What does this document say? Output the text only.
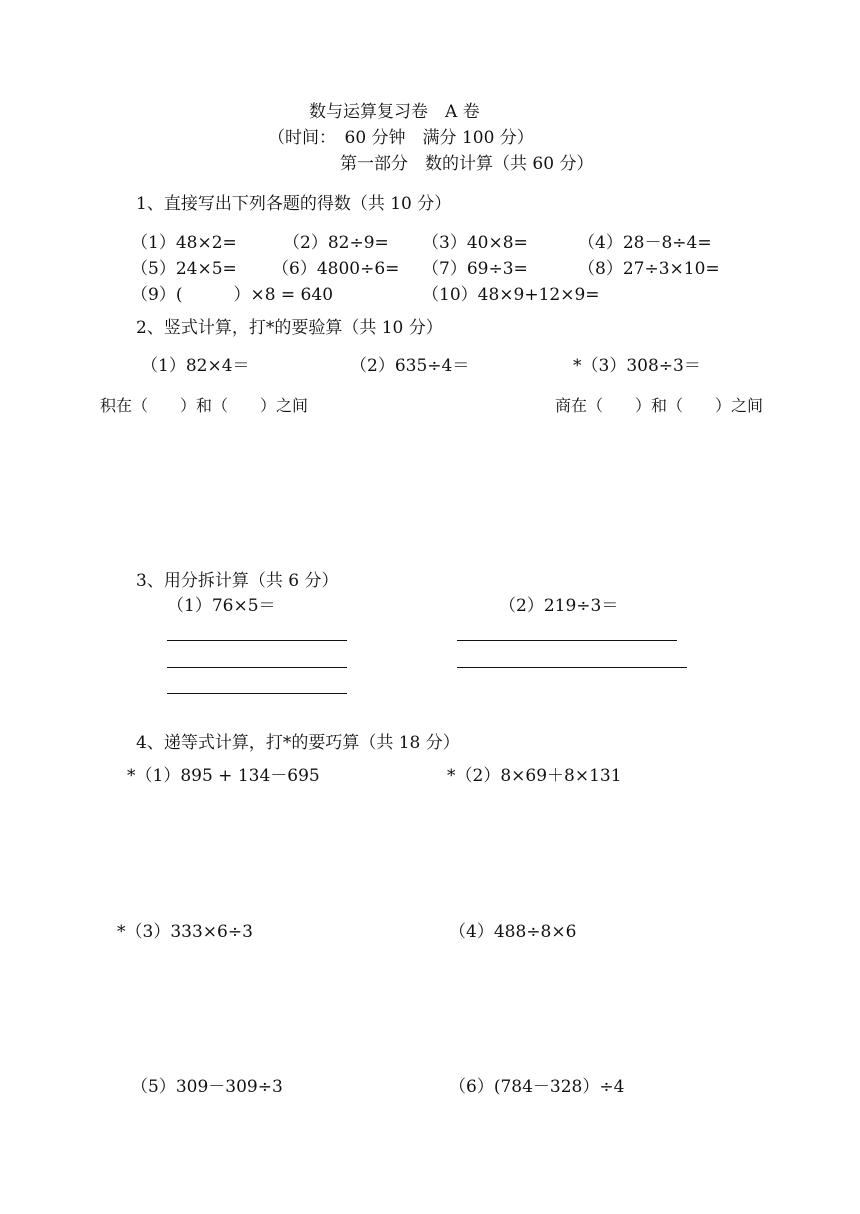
数与运算复习卷　A 卷
（时间：　60 分钟　满分 100 分）
第一部分　数的计算（共 60 分）
1、直接写出下列各题的得数（共 10 分）
（1）48×2=	（2）82÷9= （3）40×8=	（4）28－8÷4=
（5）24×5= （6）4800÷6= （7）69÷3=	（8）27÷3×10=
（9）(　　　）×8 = 640	（10）48×9+12×9=
2、竖式计算，打*的要验算（共 10 分）
（1）82×4＝	（2）635÷4＝	*（3）308÷3＝
积在（　　）和（　　）之间	商在（　　）和（　　）之间
3、用分拆计算（共 6 分）
（1）76×5＝	（2）219÷3＝
4、递等式计算，打*的要巧算（共 18 分）
*（1）895 + 134－695	*（2）8×69＋8×131
*（3）333×6÷3	（4）488÷8×6
（5）309－309÷3	（6）(784－328）÷4
